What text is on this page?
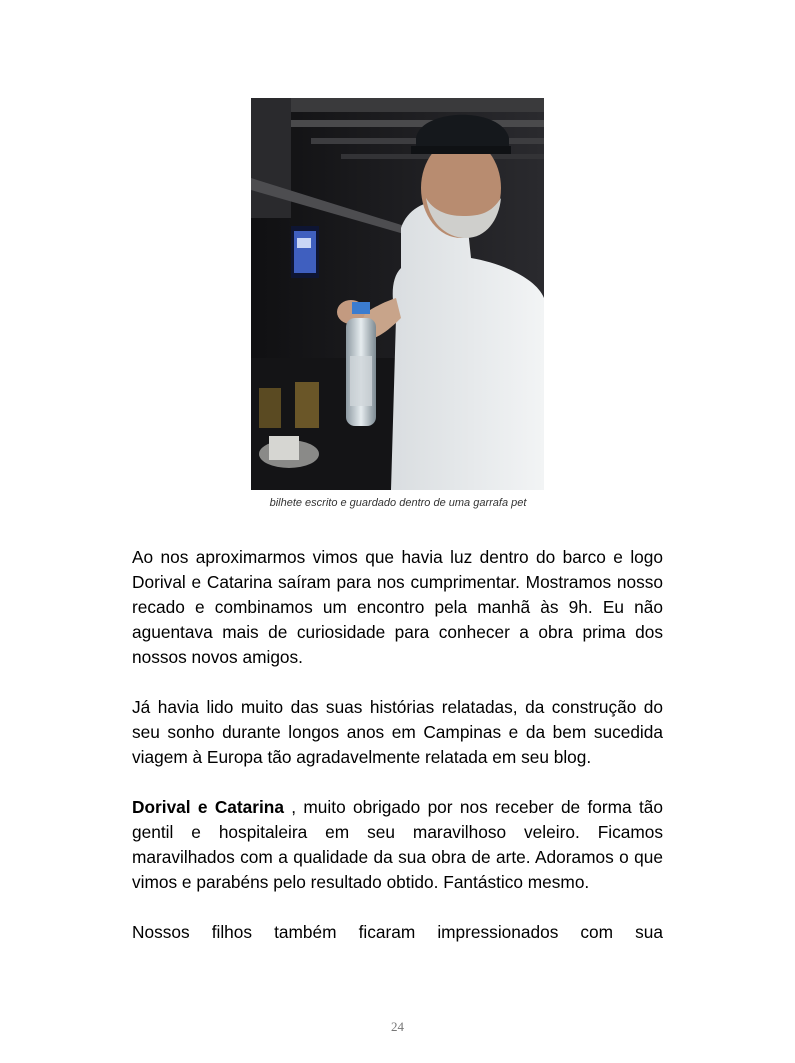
bilhete escrito e guardado dentro de uma garrafa pet

Ao nos aproximarmos vimos que havia luz dentro do barco e logo Dorival e Catarina saíram para nos cumprimentar. Mostramos nosso recado e combinamos um encontro pela manhã às 9h. Eu não aguentava mais de curiosidade para conhecer a obra prima dos nossos novos amigos.

Já havia lido muito das suas histórias relatadas, da construção do seu sonho durante longos anos em Campinas e da bem sucedida viagem à Europa tão agradavelmente relatada em seu blog.

Dorival e Catarina , muito obrigado por nos receber de forma tão gentil e hospitaleira em seu maravilhoso veleiro. Ficamos maravilhados com a qualidade da sua obra de arte. Adoramos o que vimos e parabéns pelo resultado obtido. Fantástico mesmo.

Nossos filhos também ficaram impressionados com sua

24
